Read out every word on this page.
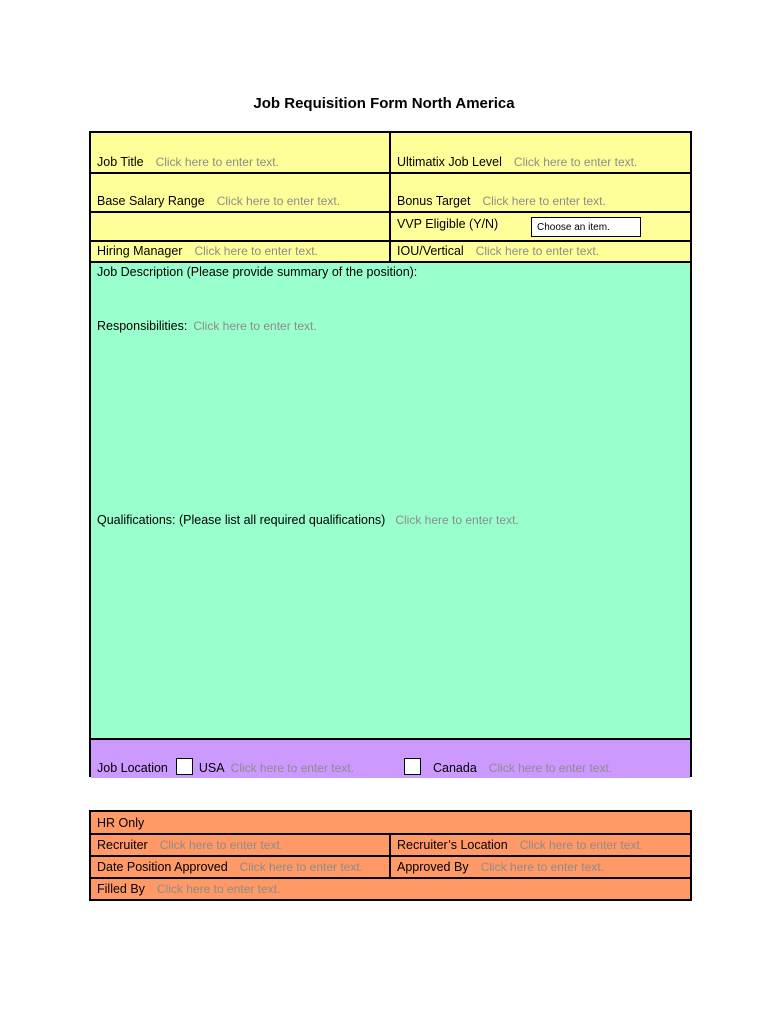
Job Requisition Form North America
Job Title Click here to enter text.	Ultimatix Job Level Click here to enter text.
Base Salary Range Click here to enter text.	Bonus Target Click here to enter text.
VVP Eligible (Y/N)	Choose an item.
Hiring Manager Click here to enter text.	IOU/Vertical Click here to enter text.
Job Description (Please provide summary of the position):
Responsibilities: Click here to enter text.
Qualifications: (Please list all required qualifications) Click here to enter text.
Job Location USA Click here to enter text.	Canada Click here to enter text.
HR Only
Recruiter Click here to enter text.	Recruiter’s Location Click here to enter text.
Date Position Approved Click here to enter text.	Approved By Click here to enter text.
Filled By Click here to enter text.
